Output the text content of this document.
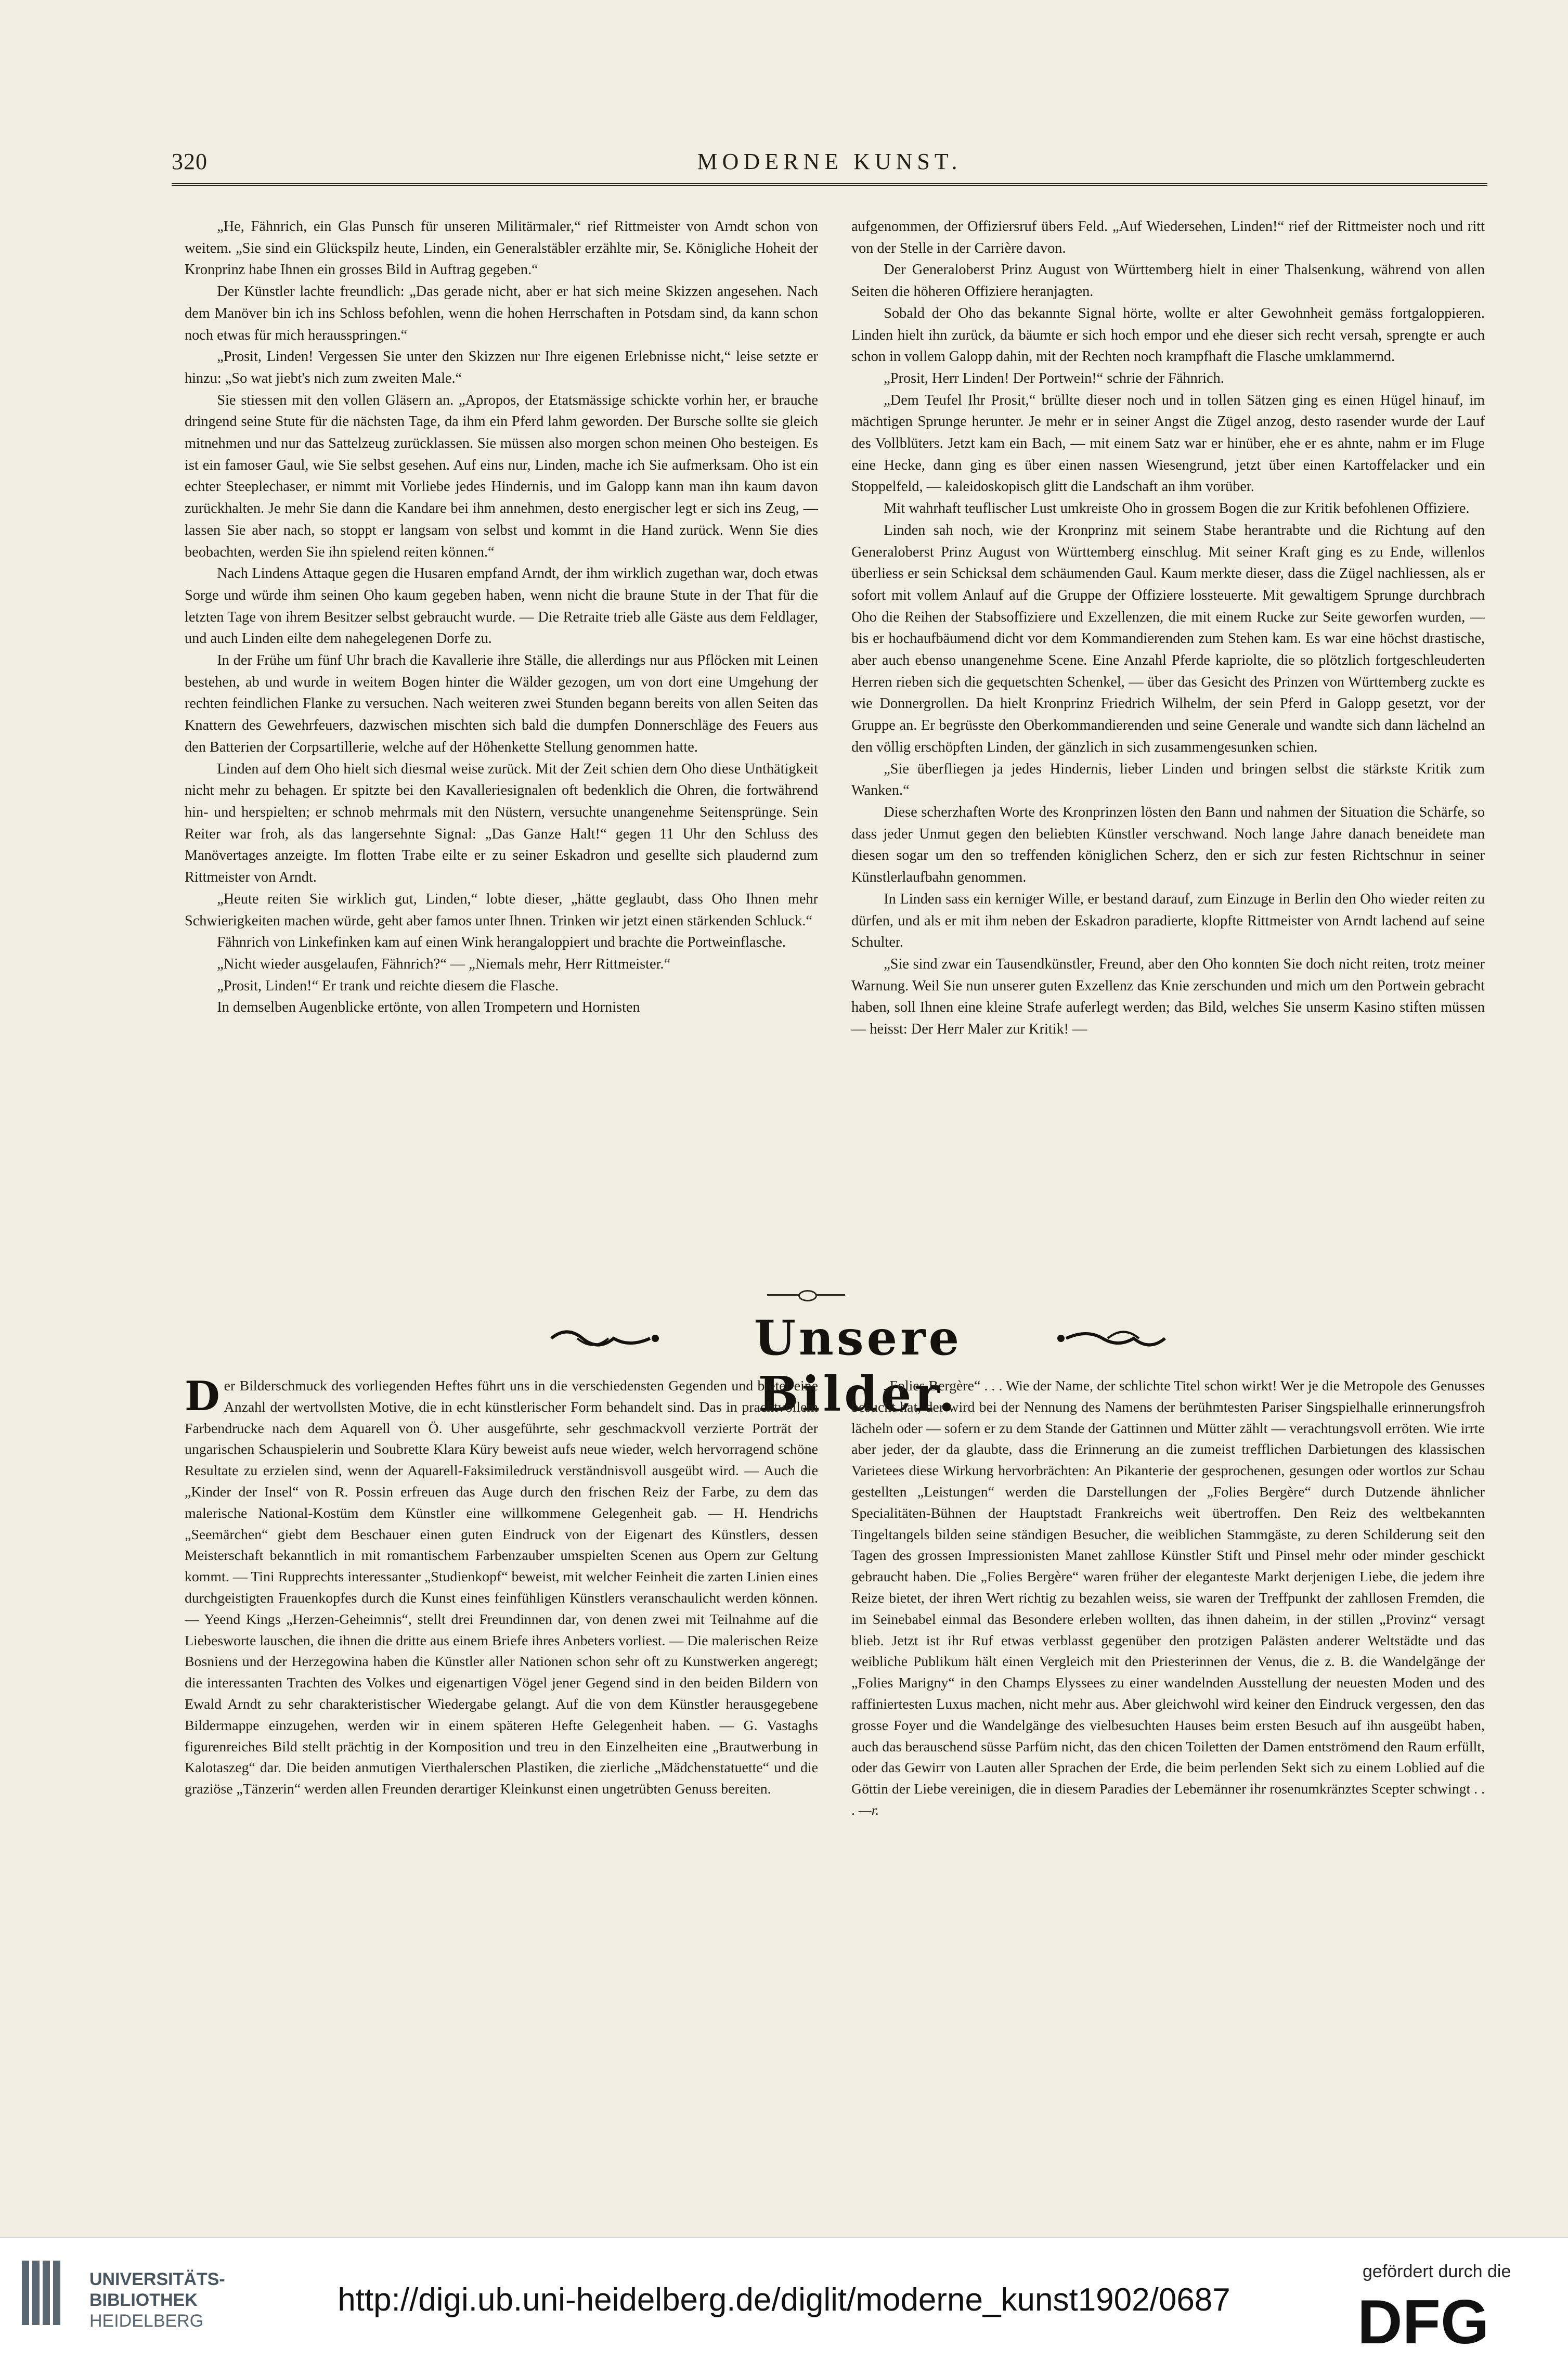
320	MODERNE KUNST.

„He, Fähnrich, ein Glas Punsch für unseren Militärmaler,“ rief Rittmeister von Arndt schon von weitem. „Sie sind ein Glückspilz heute, Linden, ein Generalstäbler erzählte mir, Se. Königliche Hoheit der Kronprinz habe Ihnen ein grosses Bild in Auftrag gegeben.“

Der Künstler lachte freundlich: „Das gerade nicht, aber er hat sich meine Skizzen angesehen. Nach dem Manöver bin ich ins Schloss befohlen, wenn die hohen Herrschaften in Potsdam sind, da kann schon noch etwas für mich herausspringen.“

„Prosit, Linden! Vergessen Sie unter den Skizzen nur Ihre eigenen Erlebnisse nicht,“ leise setzte er hinzu: „So wat jiebt's nich zum zweiten Male.“

Sie stiessen mit den vollen Gläsern an. „Apropos, der Etatsmässige schickte vorhin her, er brauche dringend seine Stute für die nächsten Tage, da ihm ein Pferd lahm geworden. Der Bursche sollte sie gleich mitnehmen und nur das Sattelzeug zurücklassen. Sie müssen also morgen schon meinen Oho besteigen. Es ist ein famoser Gaul, wie Sie selbst gesehen. Auf eins nur, Linden, mache ich Sie aufmerksam. Oho ist ein echter Steeplechaser, er nimmt mit Vorliebe jedes Hindernis, und im Galopp kann man ihn kaum davon zurückhalten. Je mehr Sie dann die Kandare bei ihm annehmen, desto energischer legt er sich ins Zeug, — lassen Sie aber nach, so stoppt er langsam von selbst und kommt in die Hand zurück. Wenn Sie dies beobachten, werden Sie ihn spielend reiten können.“

Nach Lindens Attaque gegen die Husaren empfand Arndt, der ihm wirklich zugethan war, doch etwas Sorge und würde ihm seinen Oho kaum gegeben haben, wenn nicht die braune Stute in der That für die letzten Tage von ihrem Besitzer selbst gebraucht wurde. — Die Retraite trieb alle Gäste aus dem Feldlager, und auch Linden eilte dem nahegelegenen Dorfe zu.

In der Frühe um fünf Uhr brach die Kavallerie ihre Ställe, die allerdings nur aus Pflöcken mit Leinen bestehen, ab und wurde in weitem Bogen hinter die Wälder gezogen, um von dort eine Umgehung der rechten feindlichen Flanke zu versuchen. Nach weiteren zwei Stunden begann bereits von allen Seiten das Knattern des Gewehrfeuers, dazwischen mischten sich bald die dumpfen Donnerschläge des Feuers aus den Batterien der Corpsartillerie, welche auf der Höhenkette Stellung genommen hatte.

Linden auf dem Oho hielt sich diesmal weise zurück. Mit der Zeit schien dem Oho diese Unthätigkeit nicht mehr zu behagen. Er spitzte bei den Kavalleriesignalen oft bedenklich die Ohren, die fortwährend hin- und herspielten; er schnob mehrmals mit den Nüstern, versuchte unangenehme Seitensprünge. Sein Reiter war froh, als das langersehnte Signal: „Das Ganze Halt!“ gegen 11 Uhr den Schluss des Manövertages anzeigte. Im flotten Trabe eilte er zu seiner Eskadron und gesellte sich plaudernd zum Rittmeister von Arndt.

„Heute reiten Sie wirklich gut, Linden,“ lobte dieser, „hätte geglaubt, dass Oho Ihnen mehr Schwierigkeiten machen würde, geht aber famos unter Ihnen. Trinken wir jetzt einen stärkenden Schluck.“

Fähnrich von Linkefinken kam auf einen Wink herangaloppiert und brachte die Portweinflasche.

„Nicht wieder ausgelaufen, Fähnrich?“ — „Niemals mehr, Herr Rittmeister.“

„Prosit, Linden!“ Er trank und reichte diesem die Flasche.

In demselben Augenblicke ertönte, von allen Trompetern und Hornisten

aufgenommen, der Offiziersruf übers Feld. „Auf Wiedersehen, Linden!“ rief der Rittmeister noch und ritt von der Stelle in der Carrière davon.

Der Generaloberst Prinz August von Württemberg hielt in einer Thalsenkung, während von allen Seiten die höheren Offiziere heranjagten.

Sobald der Oho das bekannte Signal hörte, wollte er alter Gewohnheit gemäss fortgaloppieren. Linden hielt ihn zurück, da bäumte er sich hoch empor und ehe dieser sich recht versah, sprengte er auch schon in vollem Galopp dahin, mit der Rechten noch krampfhaft die Flasche umklammernd.

„Prosit, Herr Linden! Der Portwein!“ schrie der Fähnrich.

„Dem Teufel Ihr Prosit,“ brüllte dieser noch und in tollen Sätzen ging es einen Hügel hinauf, im mächtigen Sprunge herunter. Je mehr er in seiner Angst die Zügel anzog, desto rasender wurde der Lauf des Vollblüters. Jetzt kam ein Bach, — mit einem Satz war er hinüber, ehe er es ahnte, nahm er im Fluge eine Hecke, dann ging es über einen nassen Wiesengrund, jetzt über einen Kartoffelacker und ein Stoppelfeld, — kaleidoskopisch glitt die Landschaft an ihm vorüber.

Mit wahrhaft teuflischer Lust umkreiste Oho in grossem Bogen die zur Kritik befohlenen Offiziere.

Linden sah noch, wie der Kronprinz mit seinem Stabe herantrabte und die Richtung auf den Generaloberst Prinz August von Württemberg einschlug. Mit seiner Kraft ging es zu Ende, willenlos überliess er sein Schicksal dem schäumenden Gaul. Kaum merkte dieser, dass die Zügel nachliessen, als er sofort mit vollem Anlauf auf die Gruppe der Offiziere lossteuerte. Mit gewaltigem Sprunge durchbrach Oho die Reihen der Stabsoffiziere und Exzellenzen, die mit einem Rucke zur Seite geworfen wurden, — bis er hochaufbäumend dicht vor dem Kommandierenden zum Stehen kam. Es war eine höchst drastische, aber auch ebenso unangenehme Scene. Eine Anzahl Pferde kapriolte, die so plötzlich fortgeschleuderten Herren rieben sich die gequetschten Schenkel, — über das Gesicht des Prinzen von Württemberg zuckte es wie Donnergrollen. Da hielt Kronprinz Friedrich Wilhelm, der sein Pferd in Galopp gesetzt, vor der Gruppe an. Er begrüsste den Oberkommandierenden und seine Generale und wandte sich dann lächelnd an den völlig erschöpften Linden, der gänzlich in sich zusammengesunken schien.

„Sie überfliegen ja jedes Hindernis, lieber Linden und bringen selbst die stärkste Kritik zum Wanken.“

Diese scherzhaften Worte des Kronprinzen lösten den Bann und nahmen der Situation die Schärfe, so dass jeder Unmut gegen den beliebten Künstler verschwand. Noch lange Jahre danach beneidete man diesen sogar um den so treffenden königlichen Scherz, den er sich zur festen Richtschnur in seiner Künstlerlaufbahn genommen.

In Linden sass ein kerniger Wille, er bestand darauf, zum Einzuge in Berlin den Oho wieder reiten zu dürfen, und als er mit ihm neben der Eskadron paradierte, klopfte Rittmeister von Arndt lachend auf seine Schulter.

„Sie sind zwar ein Tausendkünstler, Freund, aber den Oho konnten Sie doch nicht reiten, trotz meiner Warnung. Weil Sie nun unserer guten Exzellenz das Knie zerschunden und mich um den Portwein gebracht haben, soll Ihnen eine kleine Strafe auferlegt werden; das Bild, welches Sie unserm Kasino stiften müssen — heisst: Der Herr Maler zur Kritik! —

Unsere Bilder.

Der Bilderschmuck des vorliegenden Heftes führt uns in die verschiedensten Gegenden und bietet eine Anzahl der wertvollsten Motive, die in echt künstlerischer Form behandelt sind. Das in prachtvollem Farbendrucke nach dem Aquarell von Ö. Uher ausgeführte, sehr geschmackvoll verzierte Porträt der ungarischen Schauspielerin und Soubrette Klara Küry beweist aufs neue wieder, welch hervorragend schöne Resultate zu erzielen sind, wenn der Aquarell-Faksimiledruck verständnisvoll ausgeübt wird. — Auch die „Kinder der Insel“ von R. Possin erfreuen das Auge durch den frischen Reiz der Farbe, zu dem das malerische National-Kostüm dem Künstler eine willkommene Gelegenheit gab. — H. Hendrichs „Seemärchen“ giebt dem Beschauer einen guten Eindruck von der Eigenart des Künstlers, dessen Meisterschaft bekanntlich in mit romantischem Farbenzauber umspielten Scenen aus Opern zur Geltung kommt. — Tini Rupprechts interessanter „Studienkopf“ beweist, mit welcher Feinheit die zarten Linien eines durchgeistigten Frauenkopfes durch die Kunst eines feinfühligen Künstlers veranschaulicht werden können. — Yeend Kings „Herzen-Geheimnis“, stellt drei Freundinnen dar, von denen zwei mit Teilnahme auf die Liebesworte lauschen, die ihnen die dritte aus einem Briefe ihres Anbeters vorliest. — Die malerischen Reize Bosniens und der Herzegowina haben die Künstler aller Nationen schon sehr oft zu Kunstwerken angeregt; die interessanten Trachten des Volkes und eigenartigen Vögel jener Gegend sind in den beiden Bildern von Ewald Arndt zu sehr charakteristischer Wiedergabe gelangt. Auf die von dem Künstler herausgegebene Bildermappe einzugehen, werden wir in einem späteren Hefte Gelegenheit haben. — G. Vastaghs figurenreiches Bild stellt prächtig in der Komposition und treu in den Einzelheiten eine „Brautwerbung in Kalotaszeg“ dar. Die beiden anmutigen Vierthalerschen Plastiken, die zierliche „Mädchenstatuette“ und die graziöse „Tänzerin“ werden allen Freunden derartiger Kleinkunst einen ungetrübten Genuss bereiten.

„Folies Bergère“ . . . Wie der Name, der schlichte Titel schon wirkt! Wer je die Metropole des Genusses besucht hat, der wird bei der Nennung des Namens der berühmtesten Pariser Singspielhalle erinnerungsfroh lächeln oder — sofern er zu dem Stande der Gattinnen und Mütter zählt — verachtungsvoll erröten. Wie irrte aber jeder, der da glaubte, dass die Erinnerung an die zumeist trefflichen Darbietungen des klassischen Varietees diese Wirkung hervorbrächten: An Pikanterie der gesprochenen, gesungen oder wortlos zur Schau gestellten „Leistungen“ werden die Darstellungen der „Folies Bergère“ durch Dutzende ähnlicher Specialitäten-Bühnen der Hauptstadt Frankreichs weit übertroffen. Den Reiz des weltbekannten Tingeltangels bilden seine ständigen Besucher, die weiblichen Stammgäste, zu deren Schilderung seit den Tagen des grossen Impressionisten Manet zahllose Künstler Stift und Pinsel mehr oder minder geschickt gebraucht haben. Die „Folies Bergère“ waren früher der eleganteste Markt derjenigen Liebe, die jedem ihre Reize bietet, der ihren Wert richtig zu bezahlen weiss, sie waren der Treffpunkt der zahllosen Fremden, die im Seinebabel einmal das Besondere erleben wollten, das ihnen daheim, in der stillen „Provinz“ versagt blieb. Jetzt ist ihr Ruf etwas verblasst gegenüber den protzigen Palästen anderer Weltstädte und das weibliche Publikum hält einen Vergleich mit den Priesterinnen der Venus, die z. B. die Wandelgänge der „Folies Marigny“ in den Champs Elyssees zu einer wandelnden Ausstellung der neuesten Moden und des raffiniertesten Luxus machen, nicht mehr aus. Aber gleichwohl wird keiner den Eindruck vergessen, den das grosse Foyer und die Wandelgänge des vielbesuchten Hauses beim ersten Besuch auf ihn ausgeübt haben, auch das berauschend süsse Parfüm nicht, das den chicen Toiletten der Damen entströmend den Raum erfüllt, oder das Gewirr von Lauten aller Sprachen der Erde, die beim perlenden Sekt sich zu einem Loblied auf die Göttin der Liebe vereinigen, die in diesem Paradies der Lebemänner ihr rosenumkränztes Scepter schwingt . . . —r.

UNIVERSITÄTS-
BIBLIOTHEK
HEIDELBERG
http://digi.ub.uni-heidelberg.de/diglit/moderne_kunst1902/0687
gefördert durch die
DFG
